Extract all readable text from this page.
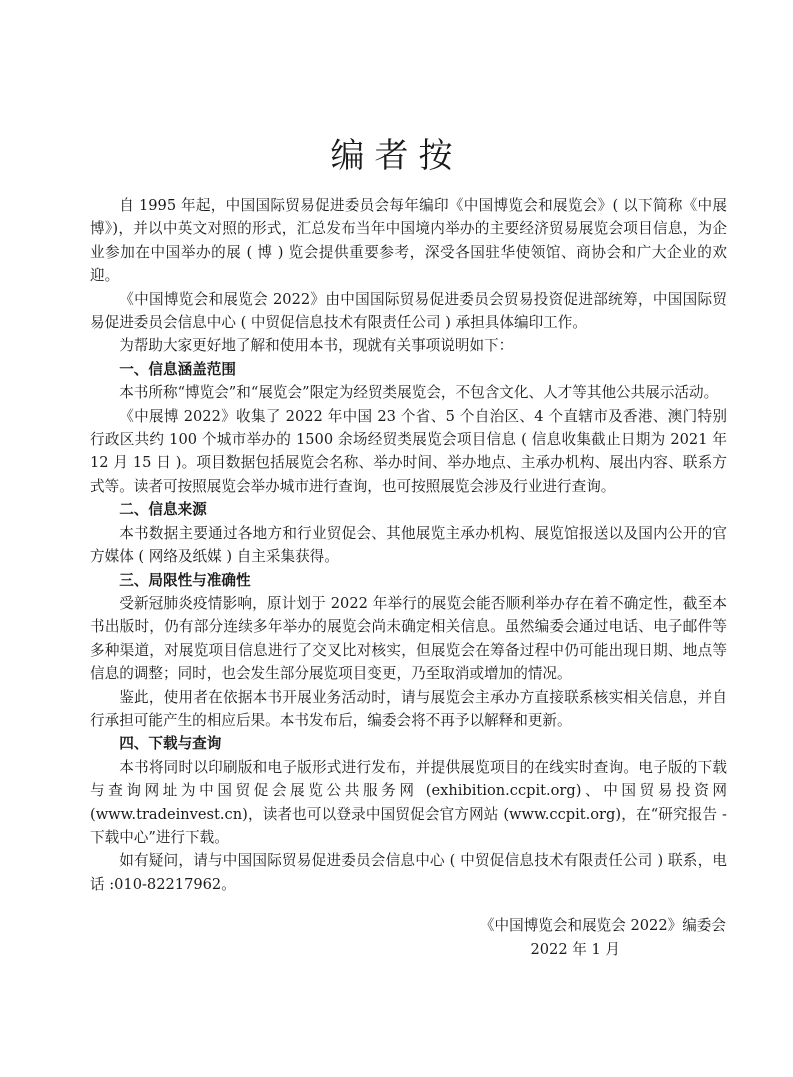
编者按

自 1995 年起，中国国际贸易促进委员会每年编印《中国博览会和展览会》( 以下简称《中展博》)，并以中英文对照的形式，汇总发布当年中国境内举办的主要经济贸易展览会项目信息，为企业参加在中国举办的展 ( 博 ) 览会提供重要参考，深受各国驻华使领馆、商协会和广大企业的欢迎。

《中国博览会和展览会 2022》由中国国际贸易促进委员会贸易投资促进部统筹，中国国际贸易促进委员会信息中心 ( 中贸促信息技术有限责任公司 ) 承担具体编印工作。

为帮助大家更好地了解和使用本书，现就有关事项说明如下：

一、信息涵盖范围

本书所称“博览会”和“展览会”限定为经贸类展览会，不包含文化、人才等其他公共展示活动。

《中展博 2022》收集了 2022 年中国 23 个省、5 个自治区、4 个直辖市及香港、澳门特别行政区共约 100 个城市举办的 1500 余场经贸类展览会项目信息 ( 信息收集截止日期为 2021 年 12 月 15 日 )。项目数据包括展览会名称、举办时间、举办地点、主承办机构、展出内容、联系方式等。读者可按照展览会举办城市进行查询，也可按照展览会涉及行业进行查询。

二、信息来源

本书数据主要通过各地方和行业贸促会、其他展览主承办机构、展览馆报送以及国内公开的官方媒体 ( 网络及纸媒 ) 自主采集获得。

三、局限性与准确性

受新冠肺炎疫情影响，原计划于 2022 年举行的展览会能否顺利举办存在着不确定性，截至本书出版时，仍有部分连续多年举办的展览会尚未确定相关信息。虽然编委会通过电话、电子邮件等多种渠道，对展览项目信息进行了交叉比对核实，但展览会在筹备过程中仍可能出现日期、地点等信息的调整；同时，也会发生部分展览项目变更，乃至取消或增加的情况。

鉴此，使用者在依据本书开展业务活动时，请与展览会主承办方直接联系核实相关信息，并自行承担可能产生的相应后果。本书发布后，编委会将不再予以解释和更新。

四、下载与查询

本书将同时以印刷版和电子版形式进行发布，并提供展览项目的在线实时查询。电子版的下载与查询网址为中国贸促会展览公共服务网 (exhibition.ccpit.org)、中国贸易投资网 (www.tradeinvest.cn)，读者也可以登录中国贸促会官方网站 (www.ccpit.org)，在“研究报告 - 下载中心”进行下载。

如有疑问，请与中国国际贸易促进委员会信息中心 ( 中贸促信息技术有限责任公司 ) 联系，电话 :010-82217962。

《中国博览会和展览会 2022》编委会
2022 年 1 月
